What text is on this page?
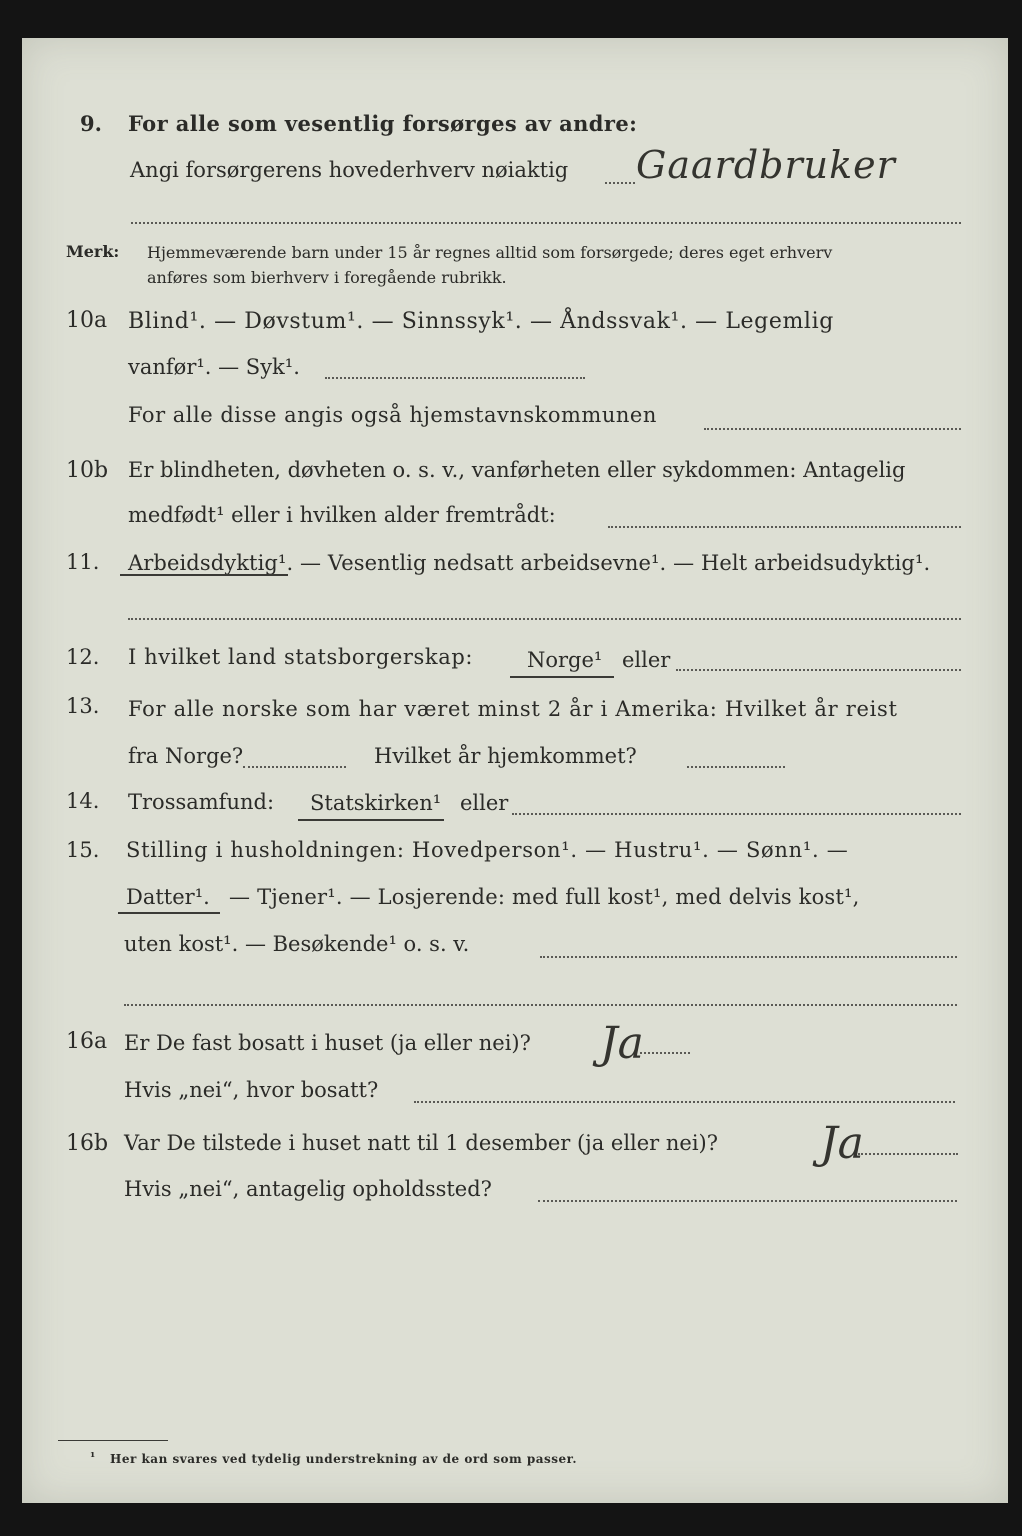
9. For alle som vesentlig forsørges av andre:
Angi forsørgerens hovederhverv nøiaktig Gaardbruker
Merk: Hjemmeværende barn under 15 år regnes alltid som forsørgede; deres eget erhverv
anføres som bierhverv i foregående rubrikk.
10a Blind¹. — Døvstum¹. — Sinnssyk¹. — Åndssvak¹. — Legemlig
vanfør¹. — Syk¹.
For alle disse angis også hjemstavnskommunen
10b Er blindheten, døvheten o. s. v., vanførheten eller sykdommen: Antagelig
medfødt¹ eller i hvilken alder fremtrådt:
11. Arbeidsdyktig¹. — Vesentlig nedsatt arbeidsevne¹. — Helt arbeidsudyktig¹.
12. I hvilket land statsborgerskap:	Norge¹ eller
13. For alle norske som har været minst 2 år i Amerika: Hvilket år reist
fra Norge?	Hvilket år hjemkommet?
14. Trossamfund: Statskirken¹ eller
15. Stilling i husholdningen: Hovedperson¹. — Hustru¹. — Sønn¹. —
Datter¹. — Tjener¹. — Losjerende: med full kost¹, med delvis kost¹,
uten kost¹. — Besøkende¹ o. s. v.
16a Er De fast bosatt i huset (ja eller nei)? Ja
Hvis „nei“, hvor bosatt?
16b Var De tilstede i huset natt til 1 desember (ja eller nei)? Ja
Hvis „nei“, antagelig opholdssted?
¹ Her kan svares ved tydelig understrekning av de ord som passer.
